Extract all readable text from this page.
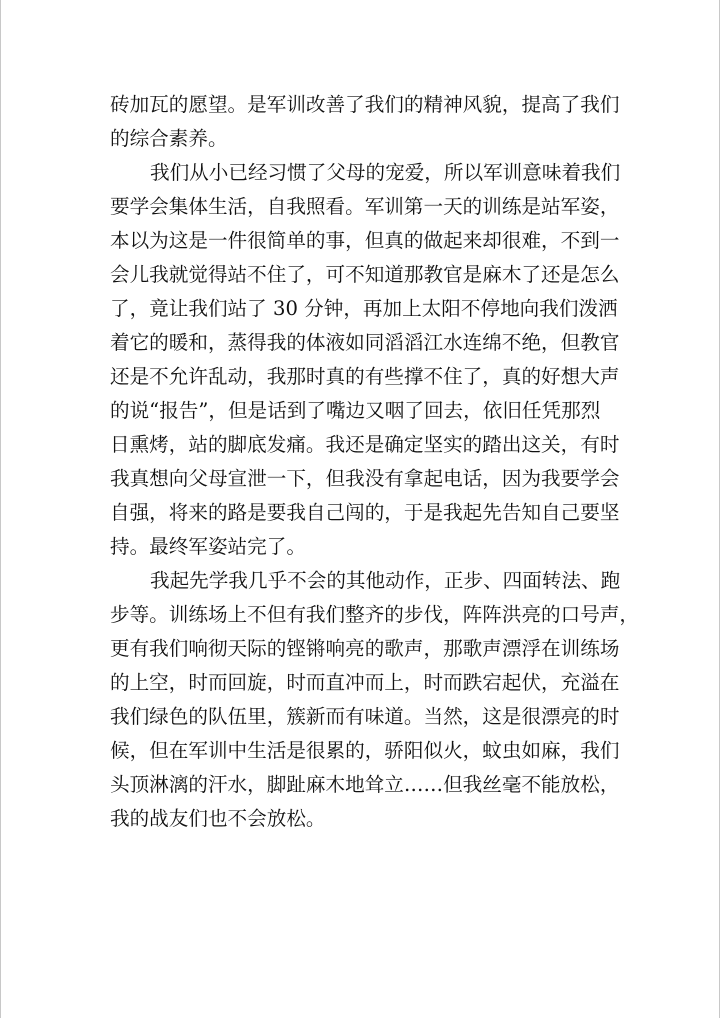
砖加瓦的愿望。是军训改善了我们的精神风貌，提高了我们
的综合素养。
我们从小已经习惯了父母的宠爱，所以军训意味着我们
要学会集体生活，自我照看。军训第一天的训练是站军姿，
本以为这是一件很简单的事，但真的做起来却很难，不到一
会儿我就觉得站不住了，可不知道那教官是麻木了还是怎么
了，竟让我们站了 30 分钟，再加上太阳不停地向我们泼洒
着它的暖和，蒸得我的体液如同滔滔江水连绵不绝，但教官
还是不允许乱动，我那时真的有些撑不住了，真的好想大声
的说“报告”，但是话到了嘴边又咽了回去，依旧任凭那烈
日熏烤，站的脚底发痛。我还是确定坚实的踏出这关，有时
我真想向父母宣泄一下，但我没有拿起电话，因为我要学会
自强，将来的路是要我自己闯的，于是我起先告知自己要坚
持。最终军姿站完了。
我起先学我几乎不会的其他动作，正步、四面转法、跑
步等。训练场上不但有我们整齐的步伐，阵阵洪亮的口号声，
更有我们响彻天际的铿锵响亮的歌声，那歌声漂浮在训练场
的上空，时而回旋，时而直冲而上，时而跌宕起伏，充溢在
我们绿色的队伍里，簇新而有味道。当然，这是很漂亮的时
候，但在军训中生活是很累的，骄阳似火，蚊虫如麻，我们
头顶淋漓的汗水，脚趾麻木地耸立……但我丝毫不能放松，
我的战友们也不会放松。
